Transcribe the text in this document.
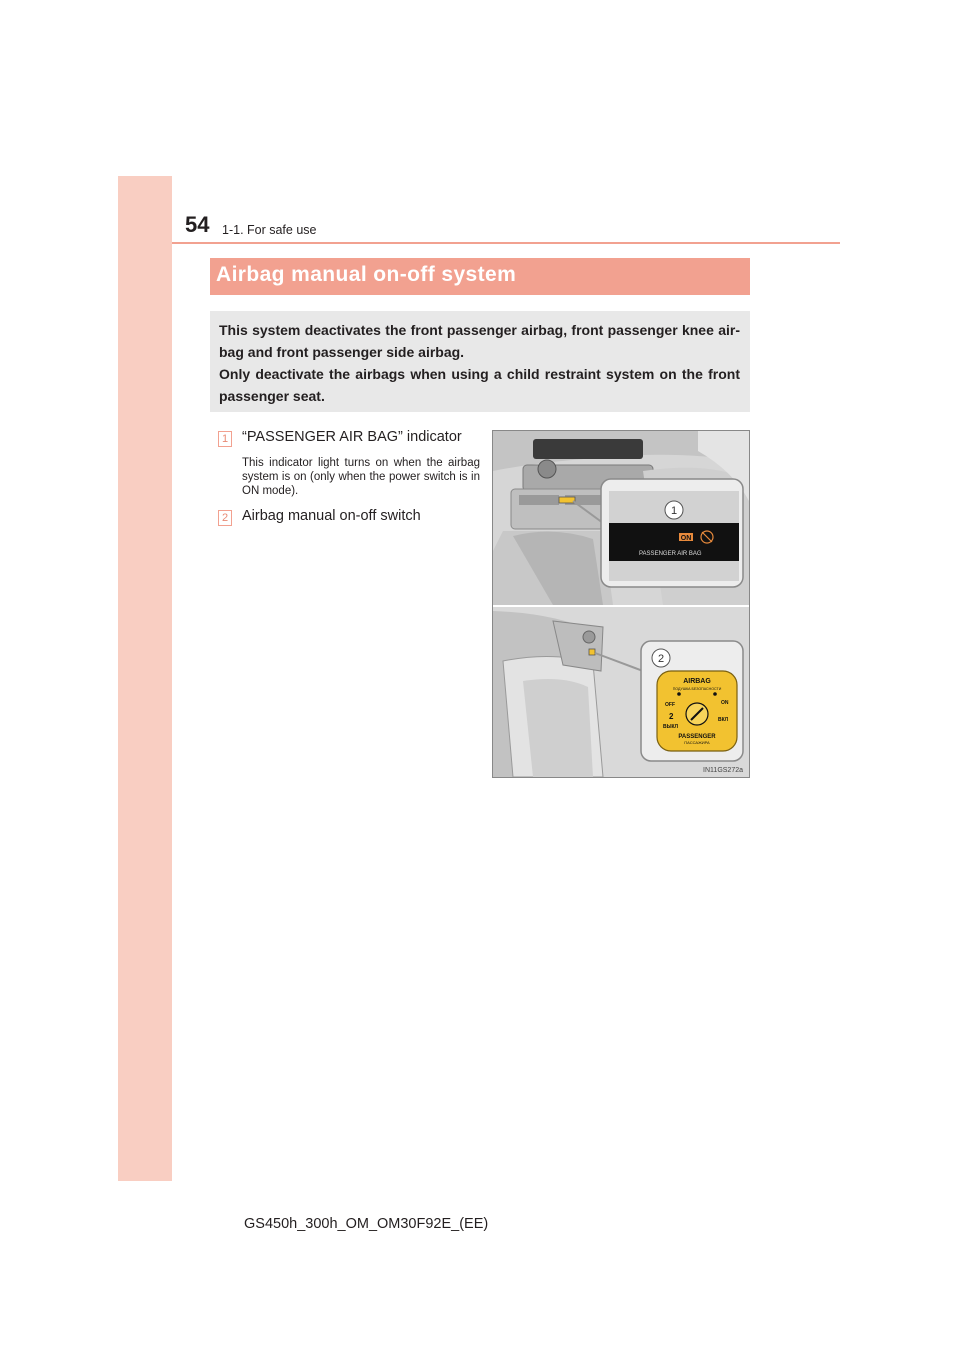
54 1-1. For safe use
Airbag manual on-off system

This system deactivates the front passenger airbag, front passenger knee air-bag and front passenger side airbag.

Only deactivate the airbags when using a child restraint system on the front passenger seat.

1 “PASSENGER AIR BAG” indicator
This indicator light turns on when the airbag system is on (only when the power switch is in ON mode).
2 Airbag manual on-off switch
ON
PASSENGER AIR BAG
1
2
AIRBAG
ПОДУШКА БЕЗОПАСНОСТИ
OFF	ON
ВКЛ
ВЫКЛ
2
PASSENGER
ПАССАЖИРА
IN11GS272a
GS450h_300h_OM_OM30F92E_(EE)
